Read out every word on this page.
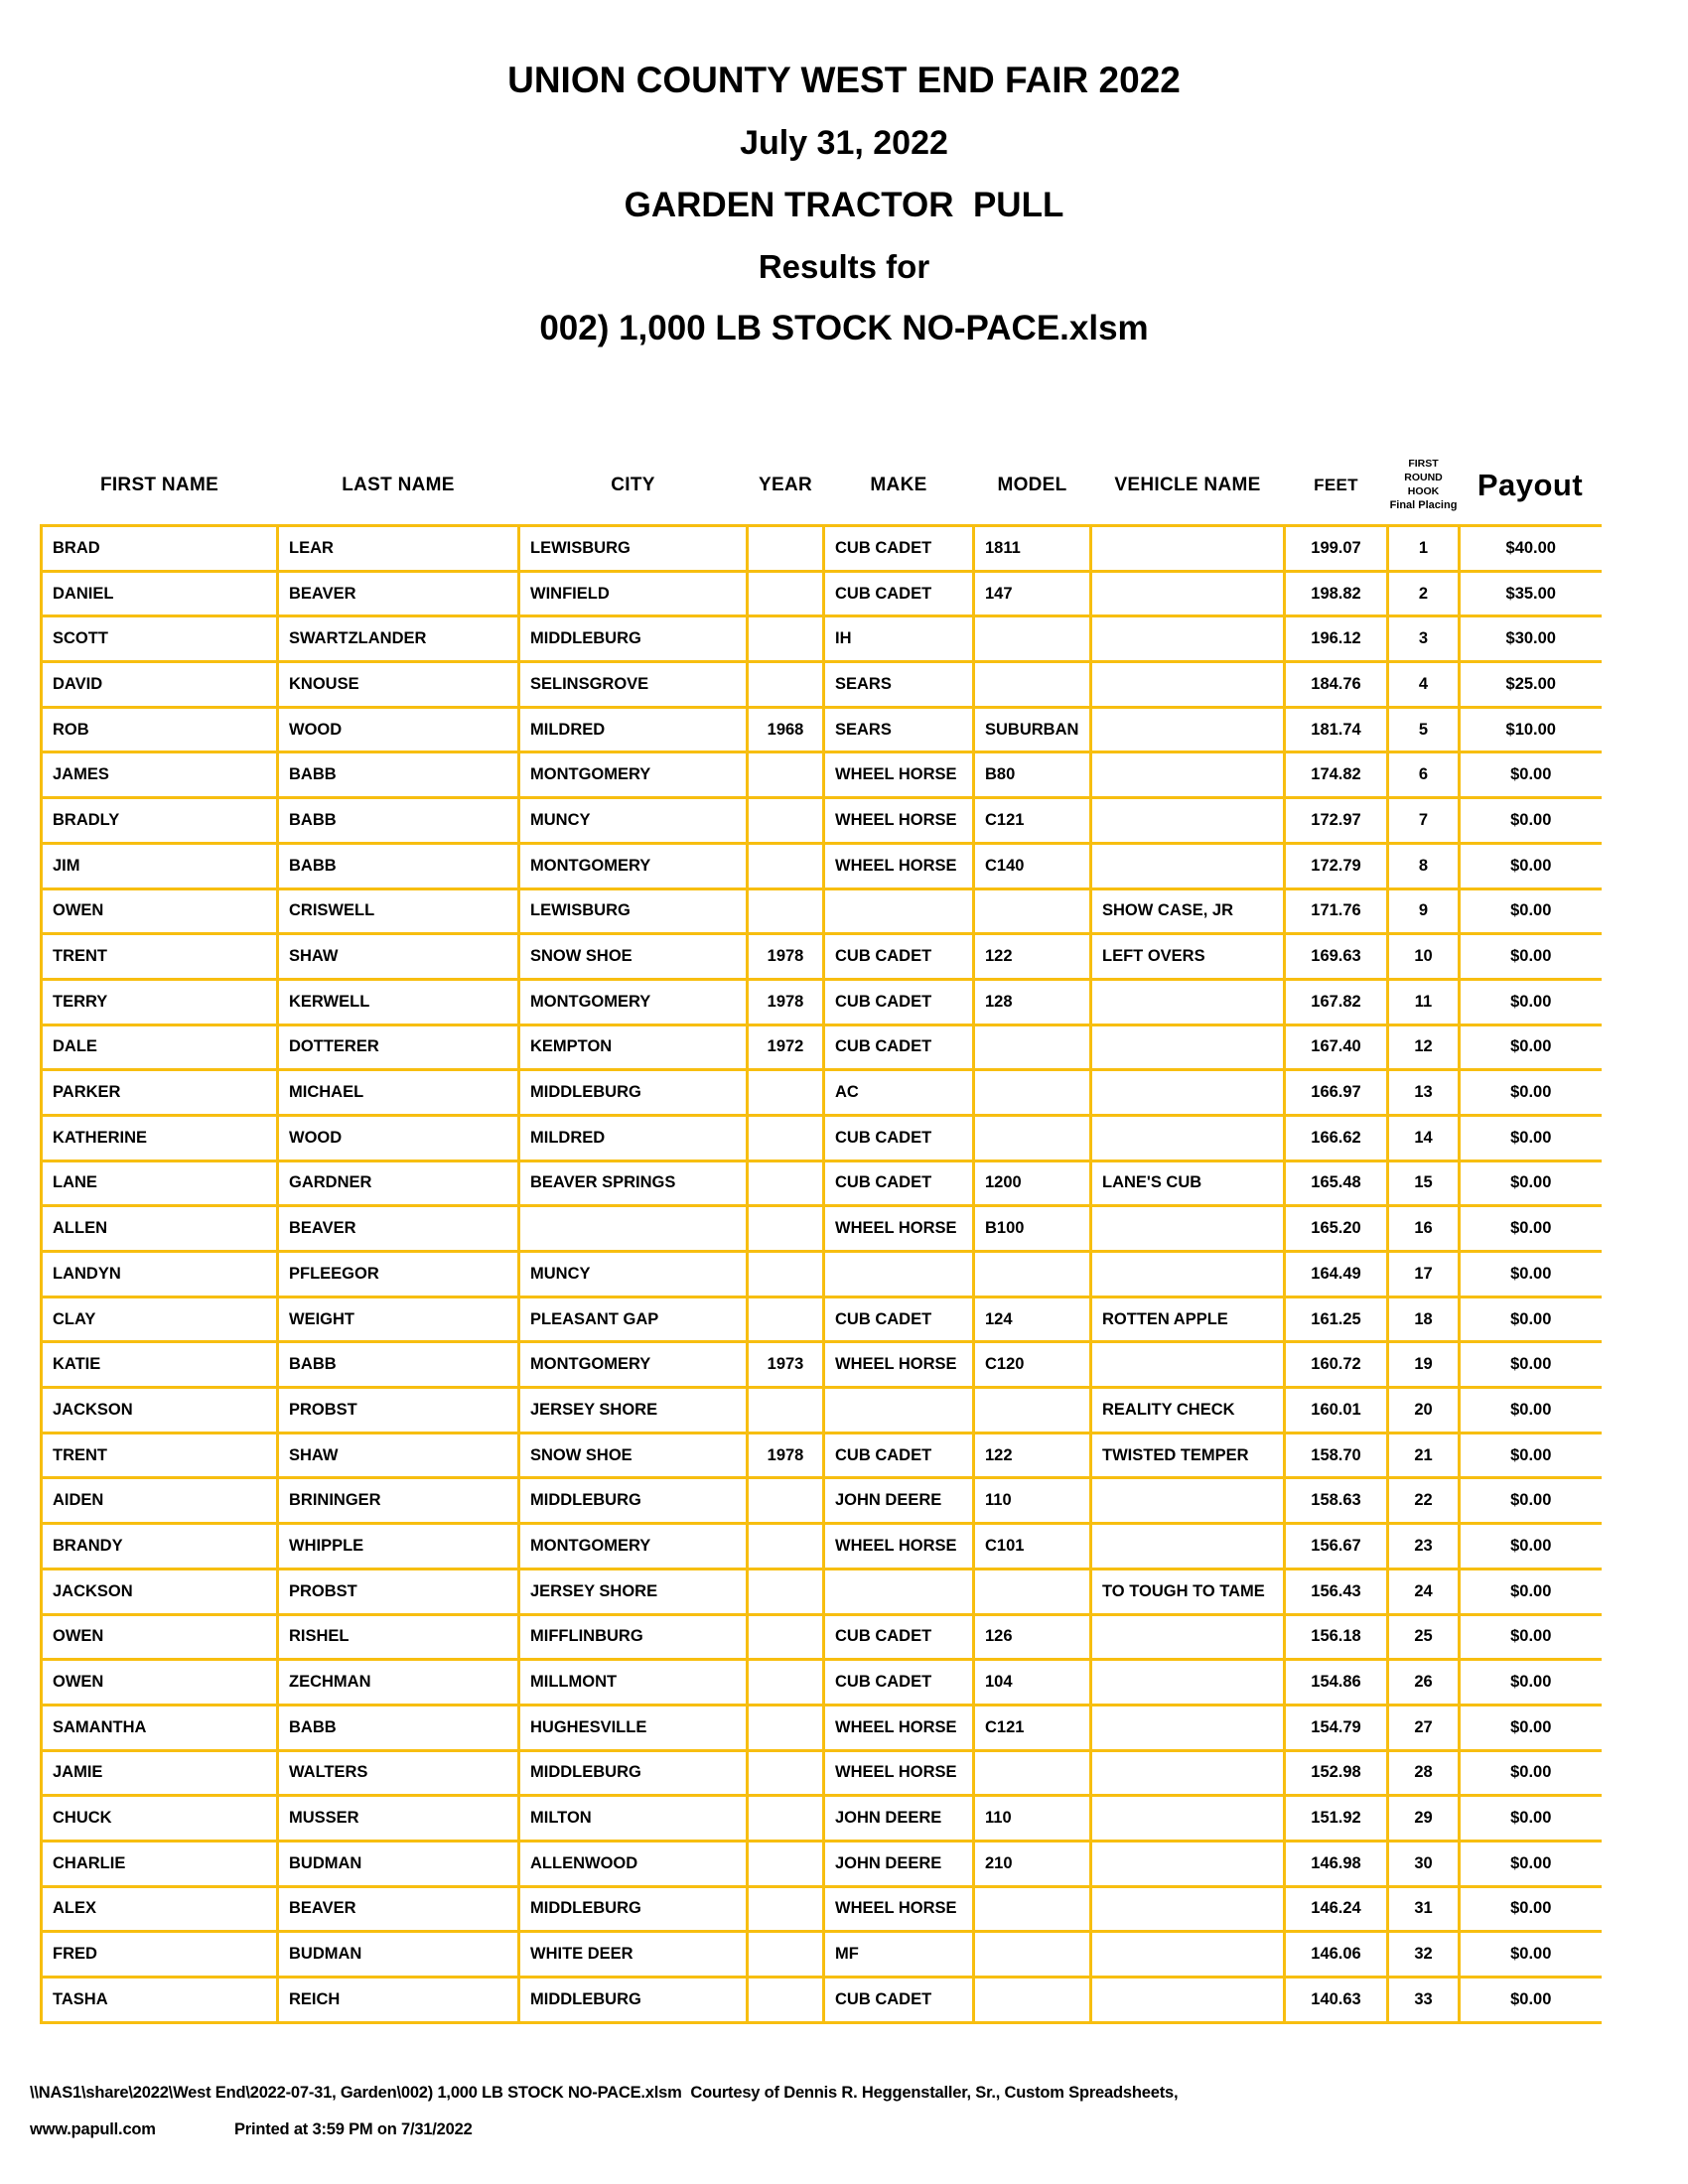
UNION COUNTY WEST END FAIR 2022
July 31, 2022
GARDEN TRACTOR  PULL
Results for
002) 1,000 LB STOCK NO-PACE.xlsm
FIRST NAME	LAST NAME	CITY	YEAR	MAKE	MODEL	VEHICLE NAME	FEET	FIRST ROUND
HOOK
Final Placing	Payout
BRAD	LEAR	LEWISBURG		CUB CADET	1811		199.07	1	$40.00
DANIEL	BEAVER	WINFIELD		CUB CADET	147		198.82	2	$35.00
SCOTT	SWARTZLANDER	MIDDLEBURG		IH			196.12	3	$30.00
DAVID	KNOUSE	SELINSGROVE		SEARS			184.76	4	$25.00
ROB	WOOD	MILDRED	1968	SEARS	SUBURBAN		181.74	5	$10.00
JAMES	BABB	MONTGOMERY		WHEEL HORSE	B80		174.82	6	$0.00
BRADLY	BABB	MUNCY		WHEEL HORSE	C121		172.97	7	$0.00
JIM	BABB	MONTGOMERY		WHEEL HORSE	C140		172.79	8	$0.00
OWEN	CRISWELL	LEWISBURG				SHOW CASE, JR	171.76	9	$0.00
TRENT	SHAW	SNOW SHOE	1978	CUB CADET	122	LEFT OVERS	169.63	10	$0.00
TERRY	KERWELL	MONTGOMERY	1978	CUB CADET	128		167.82	11	$0.00
DALE	DOTTERER	KEMPTON	1972	CUB CADET			167.40	12	$0.00
PARKER	MICHAEL	MIDDLEBURG		AC			166.97	13	$0.00
KATHERINE	WOOD	MILDRED		CUB CADET			166.62	14	$0.00
LANE	GARDNER	BEAVER SPRINGS		CUB CADET	1200	LANE'S CUB	165.48	15	$0.00
ALLEN	BEAVER			WHEEL HORSE	B100		165.20	16	$0.00
LANDYN	PFLEEGOR	MUNCY					164.49	17	$0.00
CLAY	WEIGHT	PLEASANT GAP		CUB CADET	124	ROTTEN APPLE	161.25	18	$0.00
KATIE	BABB	MONTGOMERY	1973	WHEEL HORSE	C120		160.72	19	$0.00
JACKSON	PROBST	JERSEY SHORE				REALITY CHECK	160.01	20	$0.00
TRENT	SHAW	SNOW SHOE	1978	CUB CADET	122	TWISTED TEMPER	158.70	21	$0.00
AIDEN	BRININGER	MIDDLEBURG		JOHN DEERE	110		158.63	22	$0.00
BRANDY	WHIPPLE	MONTGOMERY		WHEEL HORSE	C101		156.67	23	$0.00
JACKSON	PROBST	JERSEY SHORE				TO TOUGH TO TAME	156.43	24	$0.00
OWEN	RISHEL	MIFFLINBURG		CUB CADET	126		156.18	25	$0.00
OWEN	ZECHMAN	MILLMONT		CUB CADET	104		154.86	26	$0.00
SAMANTHA	BABB	HUGHESVILLE		WHEEL HORSE	C121		154.79	27	$0.00
JAMIE	WALTERS	MIDDLEBURG		WHEEL HORSE			152.98	28	$0.00
CHUCK	MUSSER	MILTON		JOHN DEERE	110		151.92	29	$0.00
CHARLIE	BUDMAN	ALLENWOOD		JOHN DEERE	210		146.98	30	$0.00
ALEX	BEAVER	MIDDLEBURG		WHEEL HORSE			146.24	31	$0.00
FRED	BUDMAN	WHITE DEER		MF			146.06	32	$0.00
TASHA	REICH	MIDDLEBURG		CUB CADET			140.63	33	$0.00
\\NAS1\share\2022\West End\2022-07-31, Garden\002) 1,000 LB STOCK NO-PACE.xlsm  Courtesy of Dennis R. Heggenstaller, Sr., Custom Spreadsheets,
www.papull.com	Printed at 3:59 PM on 7/31/2022
